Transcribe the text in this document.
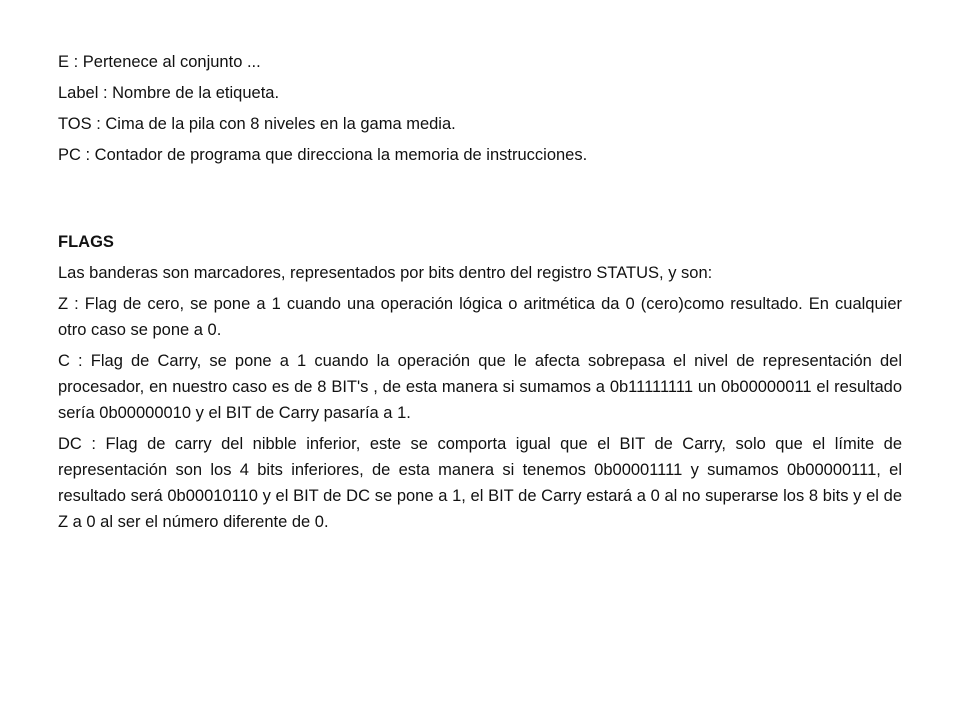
E : Pertenece al conjunto ...

Label : Nombre de la etiqueta.

TOS : Cima de la pila con 8 niveles en la gama media.

PC : Contador de programa que direcciona la memoria de instrucciones.

FLAGS

Las banderas son marcadores, representados por bits dentro del registro STATUS, y son:

Z : Flag de cero, se pone a 1 cuando una operación lógica o aritmética da 0 (cero)como resultado. En cualquier otro caso se pone a 0.

C : Flag de Carry, se pone a 1 cuando la operación que le afecta sobrepasa el nivel de representación del procesador, en nuestro caso es de 8 BIT's , de esta manera si sumamos a 0b11111111 un 0b00000011 el resultado sería 0b00000010 y el BIT de Carry pasaría a 1.

DC : Flag de carry del nibble inferior, este se comporta igual que el BIT de Carry, solo que el límite de representación son los 4 bits inferiores, de esta manera si tenemos 0b00001111 y sumamos 0b00000111, el resultado será 0b00010110 y el BIT de DC se pone a 1, el BIT de Carry estará a 0 al no superarse los 8 bits y el de Z a 0 al ser el número diferente de 0.
